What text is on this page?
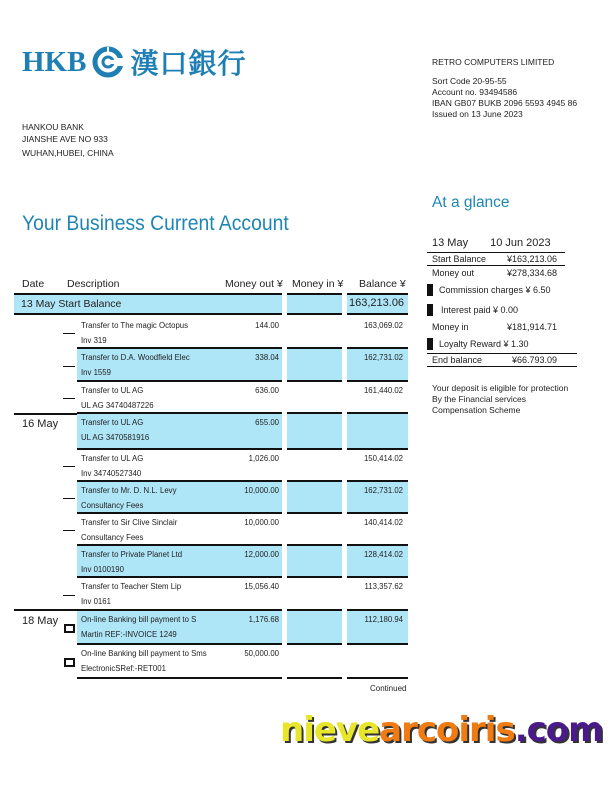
HKB 漢口銀行
HANKOU BANK
JIANSHE AVE NO 933
WUHAN,HUBEI, CHINA
RETRO COMPUTERS LIMITED
Sort Code 20-95-55
Account no. 93494586
IBAN GB07 BUKB 2096 5593 4945 86
Issued on 13 June 2023
Your Business Current Account
At a glance
13 May 10 Jun 2023
Start Balance ¥163,213.06
Money out	¥278,334.68
Commission charges ¥ 6.50
Interest paid ¥ 0.00
Money in	¥181,914.71
Loyalty Reward ¥ 1.30
End balance	¥66.793.09
Your deposit is eligible for protection
By the Financial services
Compensation Scheme
Date Description	Money out ¥ Money in ¥ Balance ¥
13 May Start Balance	163,213.06
Transfer to The magic Octopus
Inv 319
144.00	163,069.02
Transfer to D.A. Woodfield Elec
Inv 1559
338.04	162,731.02
Transfer to UL AG
UL AG 34740487226
636.00	161,440.02
16 May	Transfer to UL AG
UL AG 3470581916
655.00
Transfer to UL AG
Inv 34740527340
1,026.00	150,414.02
Transfer to Mr. D. N.L. Levy
Consultancy Fees
10,000.00	162,731.02
Transfer to Sir Clive Sinclair
Consultancy Fees
10,000.00	140,414.02
Transfer to Private Planet Ltd
Inv 0100190
12,000.00	128,414.02
Transfer to Teacher Stem Lip
Inv 0161
15,056.40	113,357.62
18 May	On-line Banking bill payment to S
Martin REF:-INVOICE 1249
1,176.68	112,180.94
On-line Banking bill payment to Sms
ElectronicSRef:-RET001
50,000.00
Continued
nievearcoiris.com
